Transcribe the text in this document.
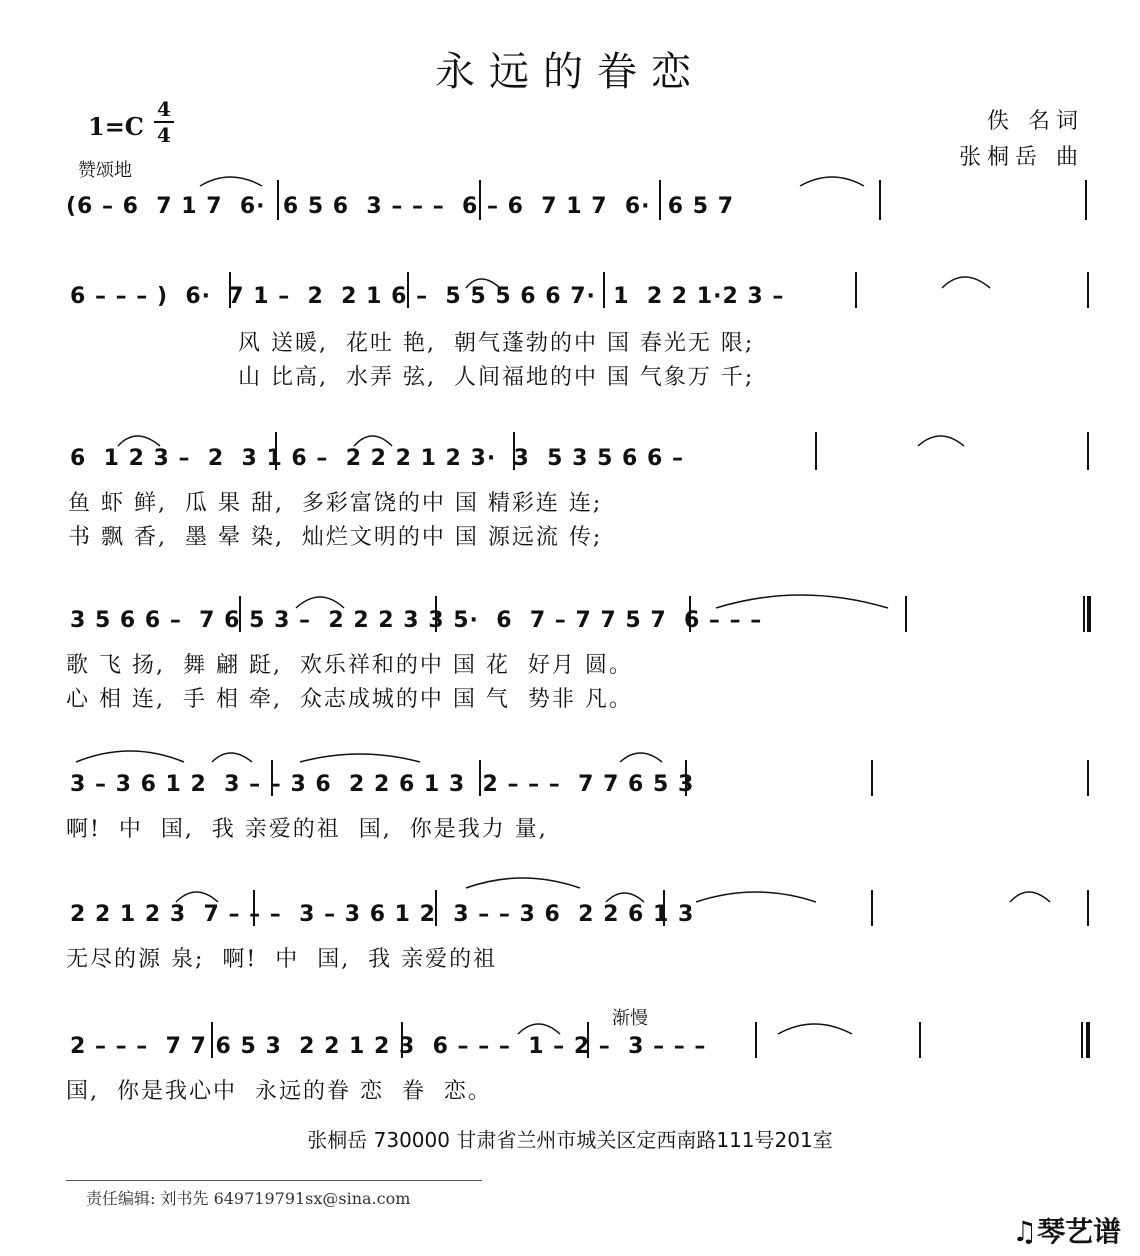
永远的眷恋
1=C
4
4
赞颂地
佚 名词
张桐岳 曲
(6 – 6  7 1 7  6·  6 5 6  3 – – –  6 – 6  7 1 7  6·  6 5 7
6 – – – )  6·  7 1 –  2  2 1 6 –  5 5 5 6 6 7·  1  2 2 1·2 3 –
风 送暖,  花吐 艳,  朝气蓬勃的中 国 春光无 限;
山 比高,  水弄 弦,  人间福地的中 国 气象万 千;
6  1 2 3 –  2  3 1 6 –  2 2 2 1 2 3·  3  5 3 5 6 6 –
鱼 虾 鲜,  瓜 果 甜,  多彩富饶的中 国 精彩连 连;
书 飘 香,  墨 晕 染,  灿烂文明的中 国 源远流 传;
3 5 6 6 –  7 6 5 3 –  2 2 2 3 3 5·  6  7 – 7 7 5 7  6 – – –
歌 飞 扬,  舞 翩 跹,  欢乐祥和的中 国 花  好月 圆。
心 相 连,  手 相 牵,  众志成城的中 国 气  势非 凡。
3 – 3 6 1 2  3 – – 3 6  2 2 6 1 3  2 – – –  7 7 6 5 3
啊!  中  国,  我 亲爱的祖  国,  你是我力 量,
2 2 1 2 3  7 – – –  3 – 3 6 1 2  3 – – 3 6  2 2 6 1 3
无尽的源 泉;  啊!  中  国,  我 亲爱的祖
渐慢
2 – – –  7 7 6 5 3  2 2 1 2 3  6 – – –  1 – 2 –  3 – – –
国,  你是我心中  永远的眷 恋  眷  恋。
张桐岳 730000 甘肃省兰州市城关区定西南路111号201室
责任编辑: 刘书先 649719791sx@sina.com
♫琴艺谱
